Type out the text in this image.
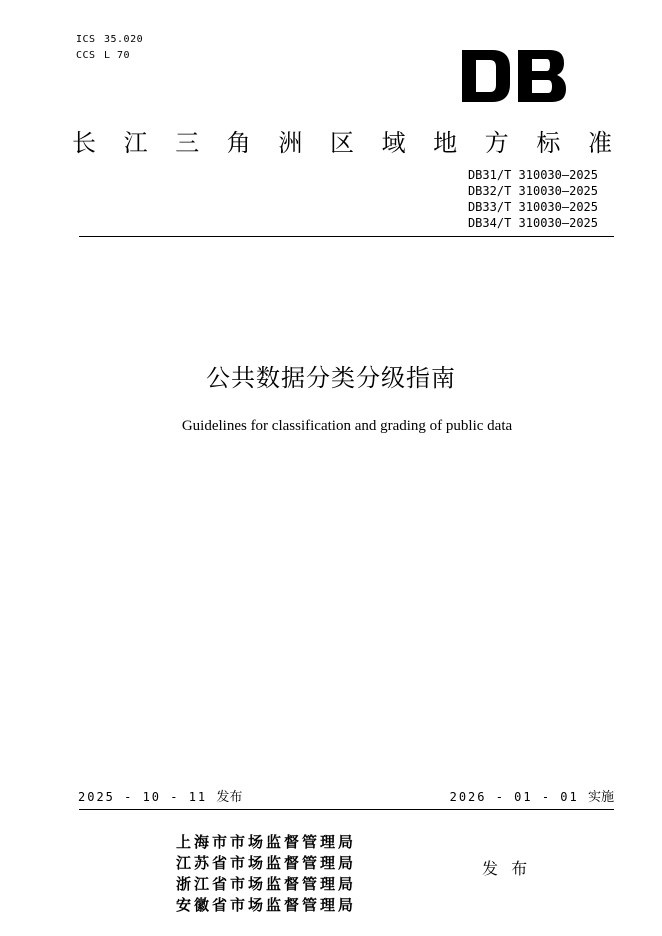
ICS 35.020
CCS L 70
长 江 三 角 洲 区 域 地 方 标 准
DB31/T 310030—2025
DB32/T 310030—2025
DB33/T 310030—2025
DB34/T 310030—2025
公共数据分类分级指南
Guidelines for classification and grading of public data
2025 - 10 - 11 发布	2026 - 01 - 01 实施
上海市市场监督管理局
江苏省市场监督管理局
浙江省市场监督管理局
安徽省市场监督管理局
发 布
